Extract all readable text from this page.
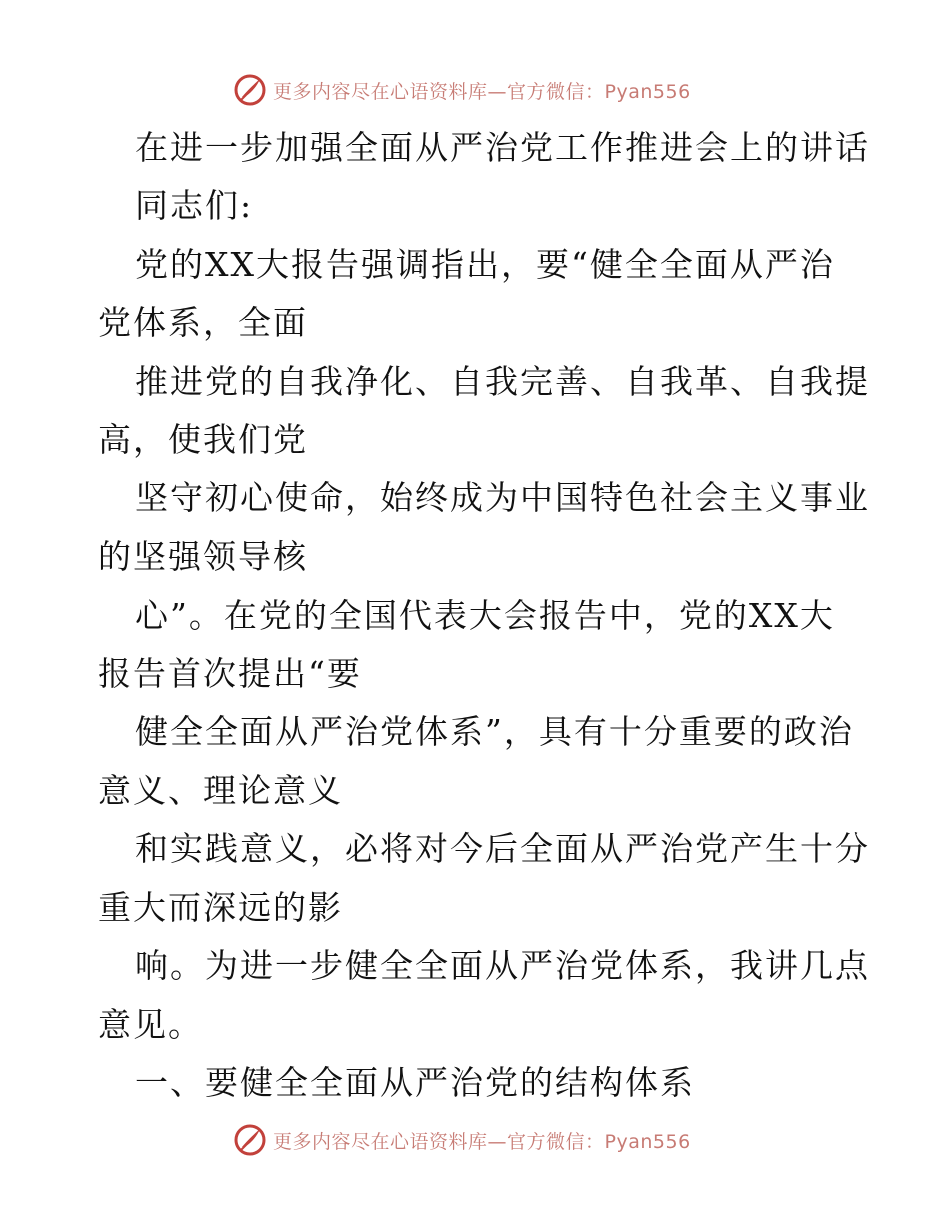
更多内容尽在心语资料库—官方微信：Pyan556
在进一步加强全面从严治党工作推进会上的讲话
同志们:
党的XX大报告强调指出，要“健全全面从严治
党体系，全面
推进党的自我净化、自我完善、自我革、自我提
高，使我们党
坚守初心使命，始终成为中国特色社会主义事业
的坚强领导核
心”。在党的全国代表大会报告中，党的XX大
报告首次提出“要
健全全面从严治党体系”，具有十分重要的政治
意义、理论意义
和实践意义，必将对今后全面从严治党产生十分
重大而深远的影
响。为进一步健全全面从严治党体系，我讲几点
意见。
一、要健全全面从严治党的结构体系
更多内容尽在心语资料库—官方微信：Pyan556
